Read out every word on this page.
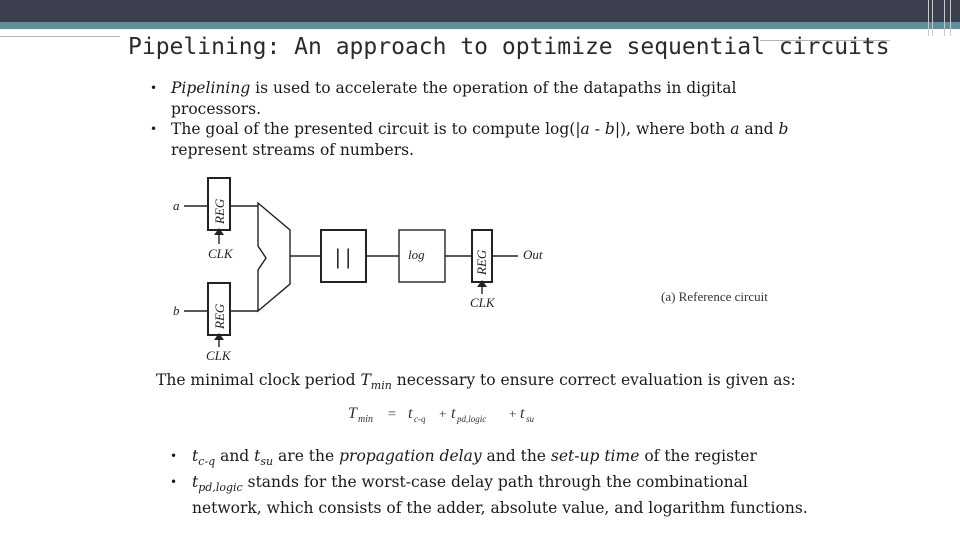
Pipelining: An approach to optimize sequential circuits
• Pipelining is used to accelerate the operation of the datapaths in digital processors.
• The goal of the presented circuit is to compute log(|a - b|), where both a and b represent streams of numbers.
a
b
REG
REG
CLK
CLK
| |	log	REG
CLK
Out
(a) Reference circuit
The minimal clock period $T_{min}$ necessary to ensure correct evaluation is given as:
T min = t c-q + t pd,logic + t su
• $t_{c-q}$ and $t_{su}$ are the propagation delay and the set-up time of the register
• $t_{pd,logic}$ stands for the worst-case delay path through the combinational network, which consists of the adder, absolute value, and logarithm functions.
